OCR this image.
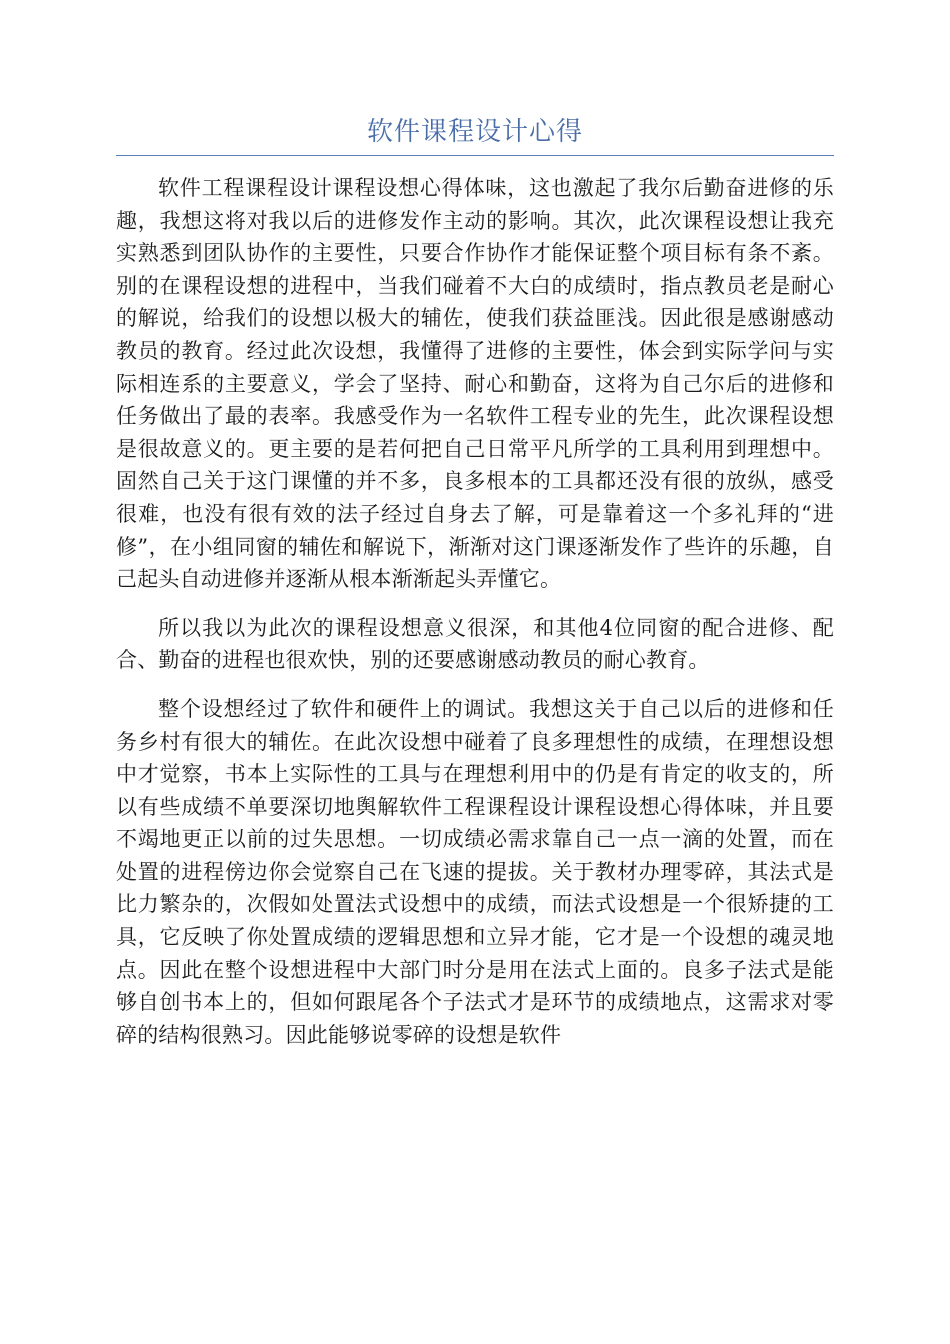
软件课程设计心得

软件工程课程设计课程设想心得体味，这也激起了我尔后勤奋进修的乐趣，我想这将对我以后的进修发作主动的影响。其次，此次课程设想让我充实熟悉到团队协作的主要性，只要合作协作才能保证整个项目标有条不紊。别的在课程设想的进程中，当我们碰着不大白的成绩时，指点教员老是耐心的解说，给我们的设想以极大的辅佐，使我们获益匪浅。因此很是感谢感动教员的教育。经过此次设想，我懂得了进修的主要性，体会到实际学问与实际相连系的主要意义，学会了坚持、耐心和勤奋，这将为自己尔后的进修和任务做出了最的表率。我感受作为一名软件工程专业的先生，此次课程设想是很故意义的。更主要的是若何把自己日常平凡所学的工具利用到理想中。固然自己关于这门课懂的并不多，良多根本的工具都还没有很的放纵，感受很难，也没有很有效的法子经过自身去了解，可是靠着这一个多礼拜的“进修”，在小组同窗的辅佐和解说下，渐渐对这门课逐渐发作了些许的乐趣，自己起头自动进修并逐渐从根本渐渐起头弄懂它。

所以我以为此次的课程设想意义很深，和其他4位同窗的配合进修、配合、勤奋的进程也很欢快，别的还要感谢感动教员的耐心教育。

整个设想经过了软件和硬件上的调试。我想这关于自己以后的进修和任务乡村有很大的辅佐。在此次设想中碰着了良多理想性的成绩，在理想设想中才觉察，书本上实际性的工具与在理想利用中的仍是有肯定的收支的，所以有些成绩不单要深切地舆解软件工程课程设计课程设想心得体味，并且要不竭地更正以前的过失思想。一切成绩必需求靠自己一点一滴的处置，而在处置的进程傍边你会觉察自己在飞速的提拔。关于教材办理零碎，其法式是比力繁杂的，次假如处置法式设想中的成绩，而法式设想是一个很矫捷的工具，它反映了你处置成绩的逻辑思想和立异才能，它才是一个设想的魂灵地点。因此在整个设想进程中大部门时分是用在法式上面的。良多子法式是能够自创书本上的，但如何跟尾各个子法式才是环节的成绩地点，这需求对零碎的结构很熟习。因此能够说零碎的设想是软件
